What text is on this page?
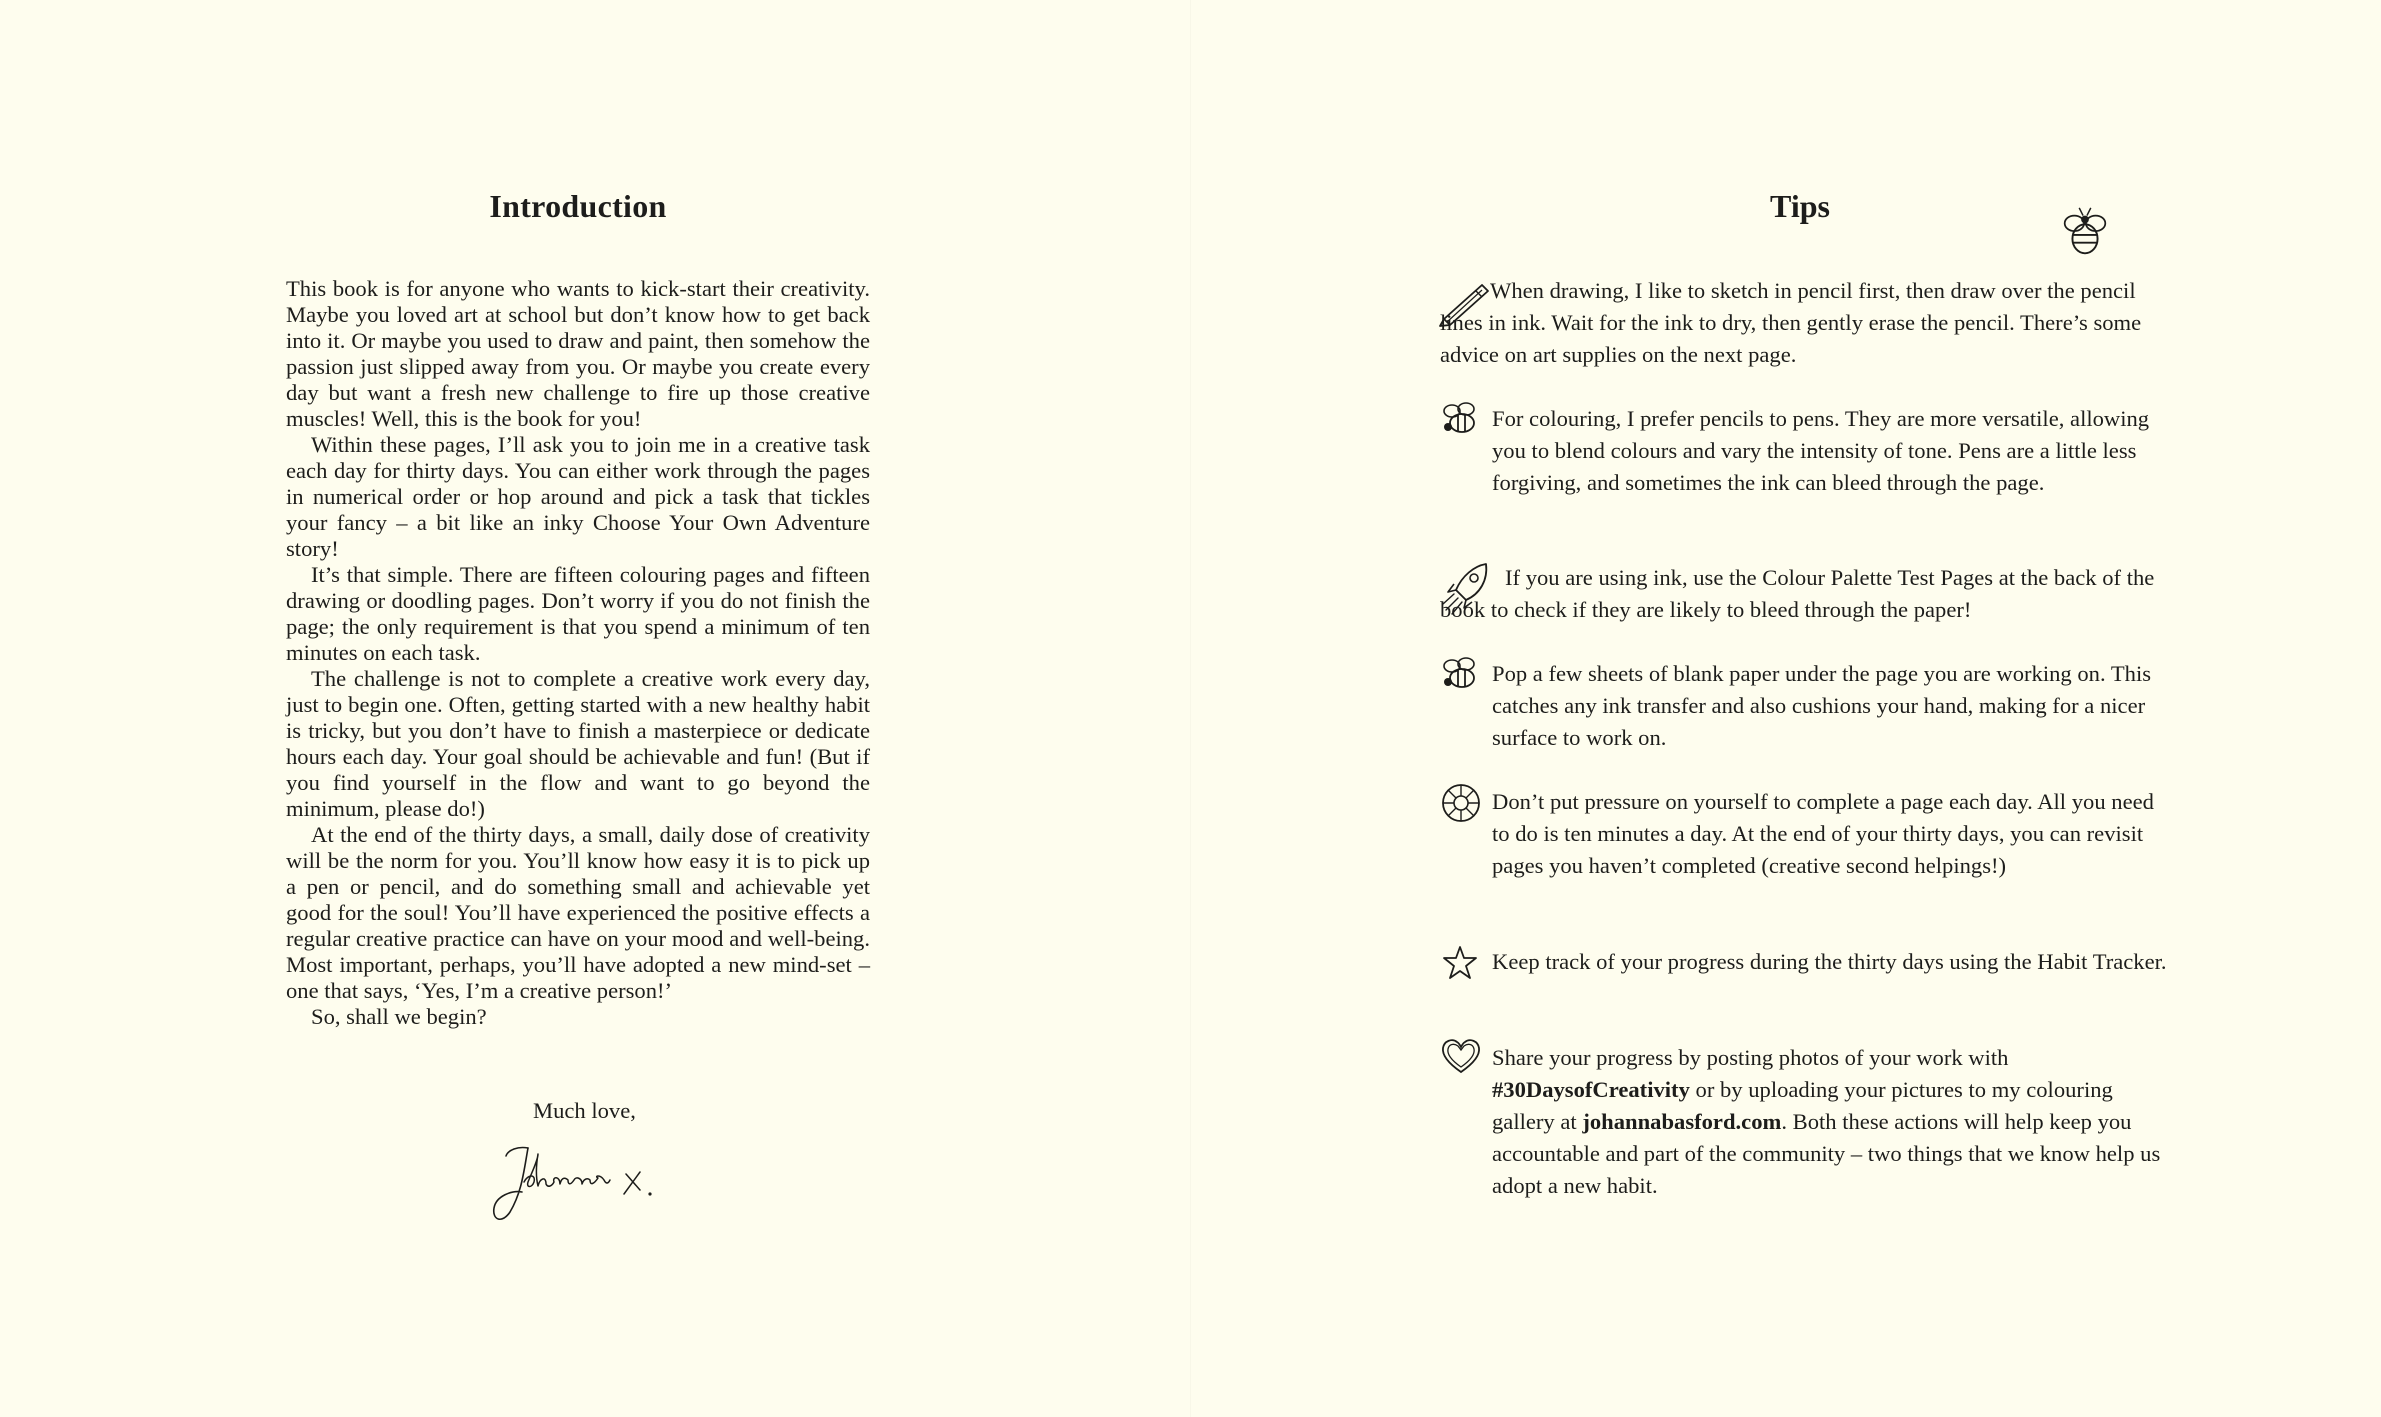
Introduction

This book is for anyone who wants to kick-start their creativity. Maybe you loved art at school but don’t know how to get back into it. Or maybe you used to draw and paint, then somehow the passion just slipped away from you. Or maybe you create every day but want a fresh new challenge to fire up those creative muscles! Well, this is the book for you!

Within these pages, I’ll ask you to join me in a creative task each day for thirty days. You can either work through the pages in numerical order or hop around and pick a task that tickles your fancy – a bit like an inky Choose Your Own Adventure story!

It’s that simple. There are fifteen colouring pages and fifteen drawing or doodling pages. Don’t worry if you do not finish the page; the only requirement is that you spend a minimum of ten minutes on each task.

The challenge is not to complete a creative work every day, just to begin one. Often, getting started with a new healthy habit is tricky, but you don’t have to finish a masterpiece or dedicate hours each day. Your goal should be achievable and fun! (But if you find yourself in the flow and want to go beyond the minimum, please do!)

At the end of the thirty days, a small, daily dose of creativity will be the norm for you. You’ll know how easy it is to pick up a pen or pencil, and do something small and achievable yet good for the soul! You’ll have experienced the positive effects a regular creative practice can have on your mood and well-being. Most important, perhaps, you’ll have adopted a new mind-set – one that says, ‘Yes, I’m a creative person!’

So, shall we begin?

Much love,
Tips
When drawing, I like to sketch in pencil first, then draw over the pencil lines in ink. Wait for the ink to dry, then gently erase the pencil. There’s some advice on art supplies on the next page.
For colouring, I prefer pencils to pens. They are more versatile, allowing you to blend colours and vary the intensity of tone. Pens are a little less forgiving, and sometimes the ink can bleed through the page.
If you are using ink, use the Colour Palette Test Pages at the back of the book to check if they are likely to bleed through the paper!
Pop a few sheets of blank paper under the page you are working on. This catches any ink transfer and also cushions your hand, making for a nicer surface to work on.
Don’t put pressure on yourself to complete a page each day. All you need to do is ten minutes a day. At the end of your thirty days, you can revisit pages you haven’t completed (creative second helpings!)
Keep track of your progress during the thirty days using the Habit Tracker.
Share your progress by posting photos of your work with #30DaysofCreativity or by uploading your pictures to my colouring gallery at johannabasford.com. Both these actions will help keep you accountable and part of the community – two things that we know help us adopt a new habit.
